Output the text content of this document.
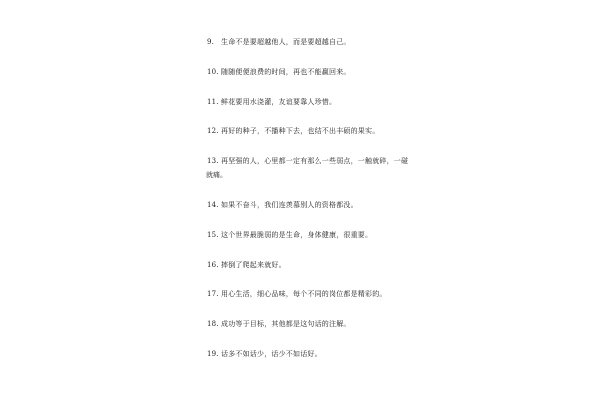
9. 生命不是要超越他人，而是要超越自己。
10. 随随便便浪费的时间，再也不能赢回来。
11. 鲜花要用水浇灌，友谊要靠人珍惜。
12. 再好的种子，不播种下去，也结不出丰硕的果实。
13. 再坚强的人，心里都一定有那么一些弱点，一触就碎，一碰
就痛。
14. 如果不奋斗，我们连羡慕别人的资格都没。
15. 这个世界最脆弱的是生命，身体健康，很重要。
16. 摔倒了爬起来就好。
17. 用心生活，细心品味，每个不同的岗位都是精彩的。
18. 成功等于目标，其他都是这句话的注解。
19. 话多不如话少，话少不如话好。
